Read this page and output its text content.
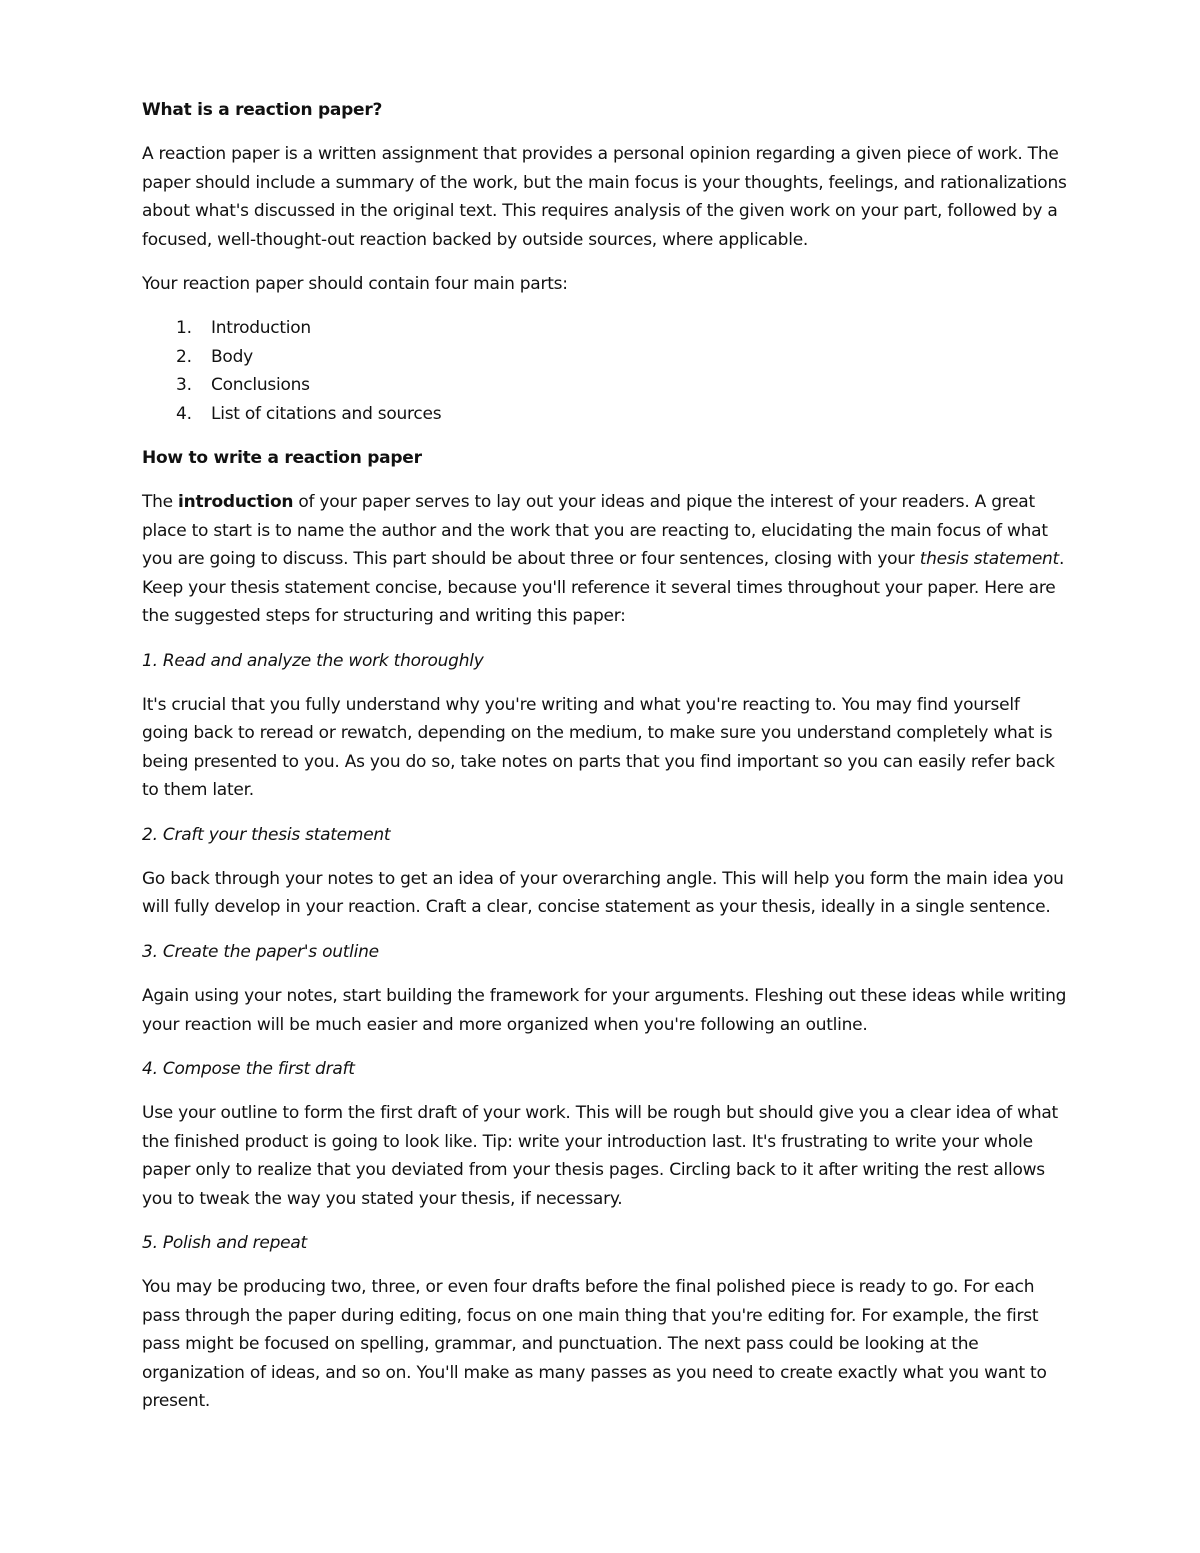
What is a reaction paper?

A reaction paper is a written assignment that provides a personal opinion regarding a given piece of work. The paper should include a summary of the work, but the main focus is your thoughts, feelings, and rationalizations about what's discussed in the original text. This requires analysis of the given work on your part, followed by a focused, well-thought-out reaction backed by outside sources, where applicable.

Your reaction paper should contain four main parts:

1.	Introduction
2.	Body
3.	Conclusions
4.	List of citations and sources
How to write a reaction paper

The introduction of your paper serves to lay out your ideas and pique the interest of your readers. A great place to start is to name the author and the work that you are reacting to, elucidating the main focus of what you are going to discuss. This part should be about three or four sentences, closing with your thesis statement. Keep your thesis statement concise, because you'll reference it several times throughout your paper. Here are the suggested steps for structuring and writing this paper:

1. Read and analyze the work thoroughly

It's crucial that you fully understand why you're writing and what you're reacting to. You may find yourself going back to reread or rewatch, depending on the medium, to make sure you understand completely what is being presented to you. As you do so, take notes on parts that you find important so you can easily refer back to them later.

2. Craft your thesis statement

Go back through your notes to get an idea of your overarching angle. This will help you form the main idea you will fully develop in your reaction. Craft a clear, concise statement as your thesis, ideally in a single sentence.

3. Create the paper's outline

Again using your notes, start building the framework for your arguments. Fleshing out these ideas while writing your reaction will be much easier and more organized when you're following an outline.

4. Compose the first draft

Use your outline to form the first draft of your work. This will be rough but should give you a clear idea of what the finished product is going to look like. Tip: write your introduction last. It's frustrating to write your whole paper only to realize that you deviated from your thesis pages. Circling back to it after writing the rest allows you to tweak the way you stated your thesis, if necessary.

5. Polish and repeat

You may be producing two, three, or even four drafts before the final polished piece is ready to go. For each pass through the paper during editing, focus on one main thing that you're editing for. For example, the first pass might be focused on spelling, grammar, and punctuation. The next pass could be looking at the organization of ideas, and so on. You'll make as many passes as you need to create exactly what you want to present.
